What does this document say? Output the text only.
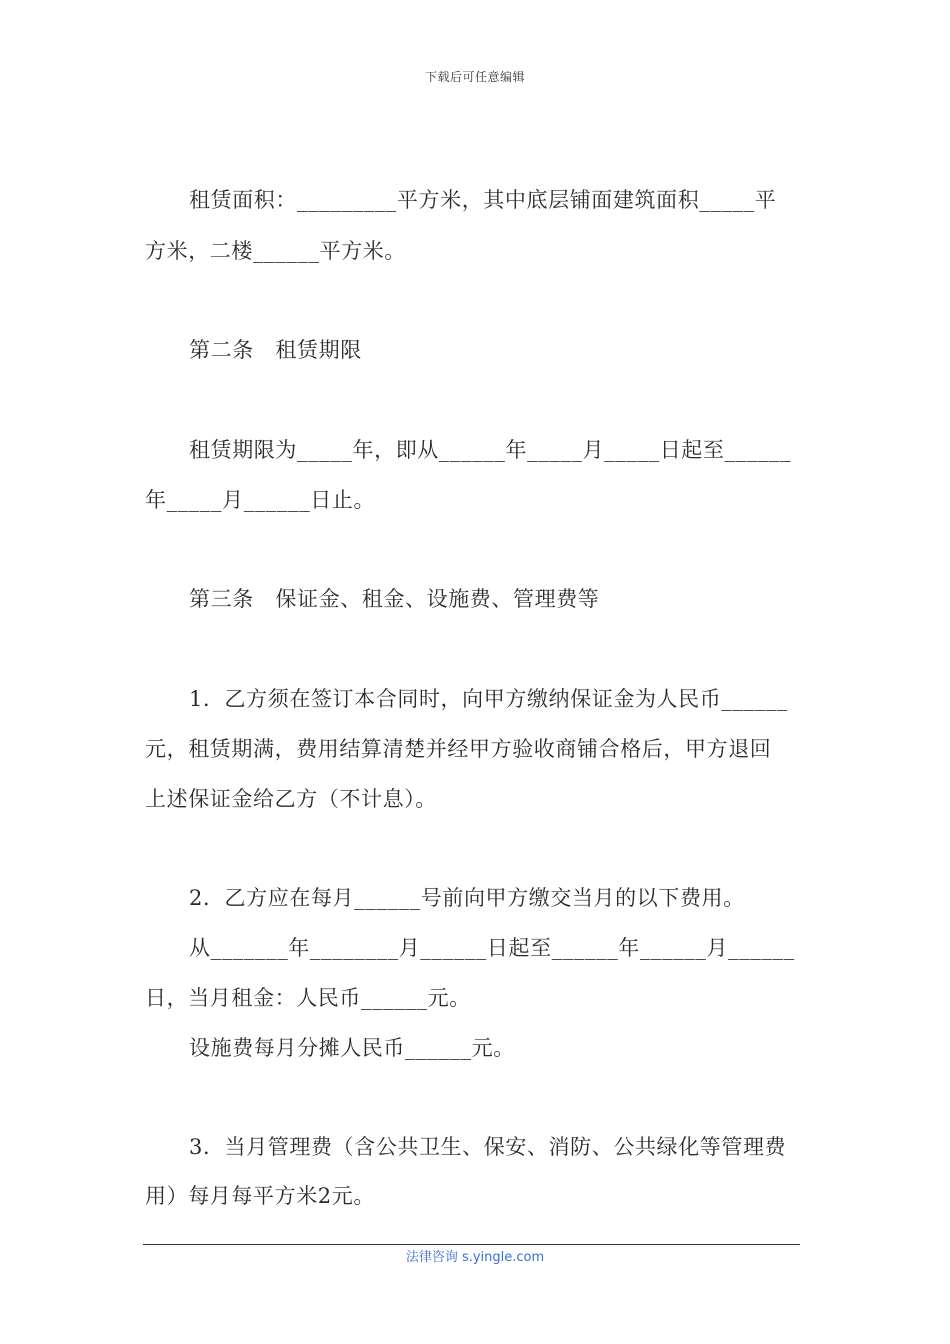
下载后可任意编辑
租赁面积：_________平方米，其中底层铺面建筑面积_____平
方米，二楼______平方米。
第二条　租赁期限
租赁期限为_____年，即从______年_____月_____日起至______
年_____月______日止。
第三条　保证金、租金、设施费、管理费等
1．乙方须在签订本合同时，向甲方缴纳保证金为人民币______
元，租赁期满，费用结算清楚并经甲方验收商铺合格后，甲方退回
上述保证金给乙方（不计息）。
2．乙方应在每月______号前向甲方缴交当月的以下费用。
从_______年________月______日起至______年______月______
日，当月租金：人民币______元。
设施费每月分摊人民币______元。
3．当月管理费（含公共卫生、保安、消防、公共绿化等管理费
用）每月每平方米2元。
法律咨询 s.yingle.com
